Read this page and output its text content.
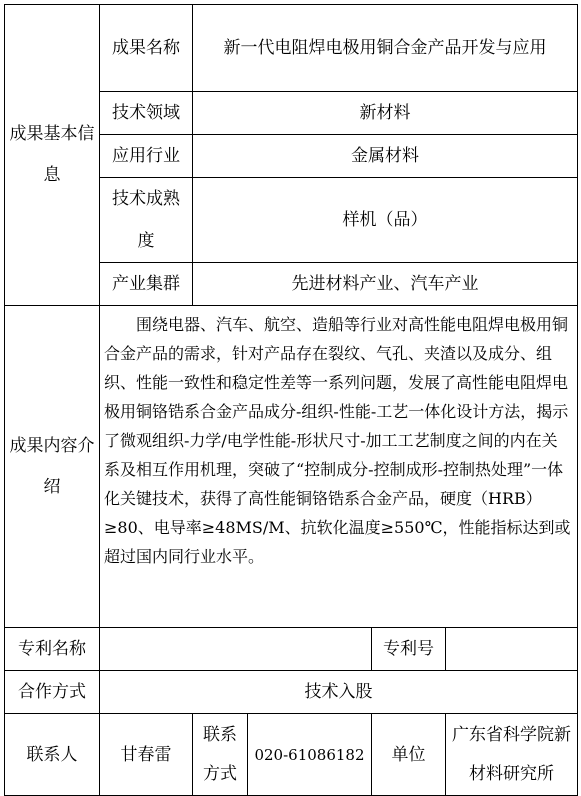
成果基本信息	成果名称	新一代电阻焊电极用铜合金产品开发与应用			
	技术领域	新材料			
	应用行业	金属材料			
	技术成熟度	样机（品）			
	产业集群	先进材料产业、汽车产业			
成果内容介绍	围绕电器、汽车、航空、造船等行业对高性能电阻焊电极用铜合金产品的需求，针对产品存在裂纹、气孔、夹渣以及成分、组织、性能一致性和稳定性差等一系列问题，发展了高性能电阻焊电极用铜铬锆系合金产品成分-组织-性能-工艺一体化设计方法，揭示了微观组织-力学/电学性能-形状尺寸-加工工艺制度之间的内在关系及相互作用机理，突破了“控制成分-控制成形-控制热处理”一体化关键技术，获得了高性能铜铬锆系合金产品，硬度（HRB）≥80、电导率≥48MS/M、抗软化温度≥550℃，性能指标达到或超过国内同行业水平。				
专利名称				专利号	
合作方式	技术入股				
联系人	甘春雷	联系方式	020-61086182	单位	广东省科学院新材料研究所
